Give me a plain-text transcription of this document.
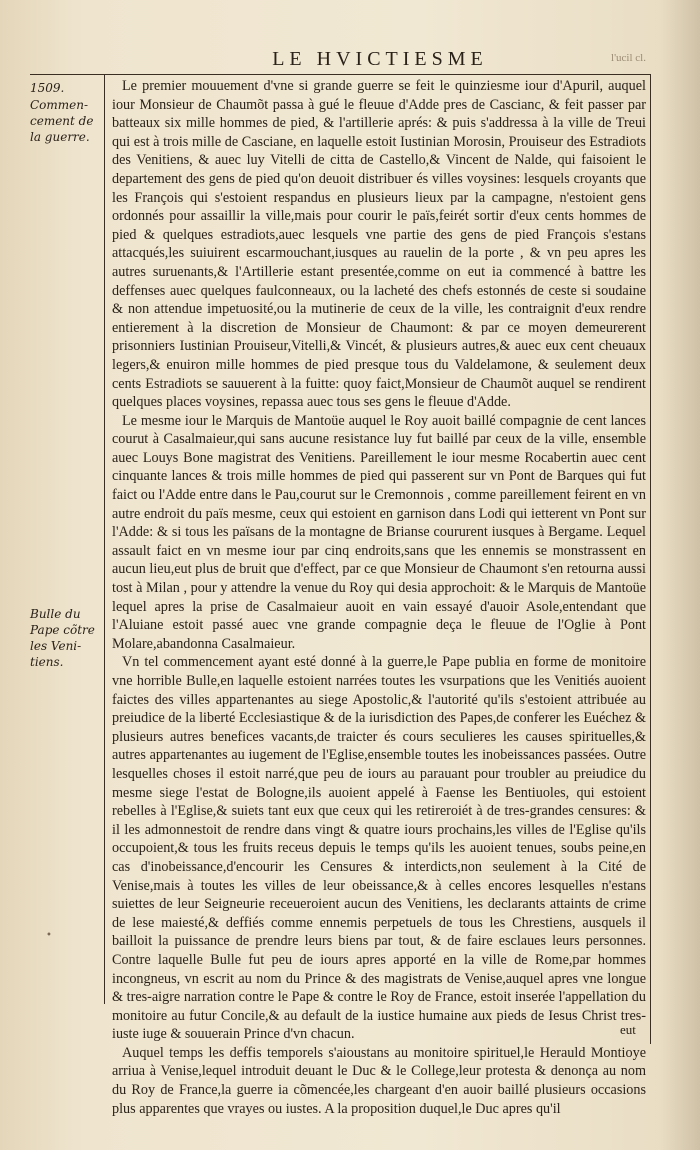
LE HVICTIESME	l'ucil cl.
1509.
Commen-cement de la guerre.
Bulle du Pape cõtre les Veni-tiens.
•

Le premier mouuement d'vne si grande guerre se feit le quinziesme iour d'Apuril, auquel iour Monsieur de Chaumõt passa à gué le fleuue d'Adde pres de Cascianc, & feit passer par batteaux six mille hommes de pied, & l'artillerie aprés: & puis s'addressa à la ville de Treui qui est à trois mille de Casciane, en laquelle estoit Iustinian Morosin, Prouiseur des Estradiots des Venitiens, & auec luy Vitelli de citta de Castello,& Vincent de Nalde, qui faisoient le departement des gens de pied qu'on deuoit distribuer és villes voysines: lesquels croyants que les François qui s'estoient respandus en plusieurs lieux par la campagne, n'estoient gens ordonnés pour assaillir la ville,mais pour courir le païs,feirét sortir d'eux cents hommes de pied & quelques estradiots,auec lesquels vne partie des gens de pied François s'estans attacqués,les suiuirent escarmouchant,iusques au rauelin de la porte , & vn peu apres les autres suruenants,& l'Artillerie estant presentée,comme on eut ia commencé à battre les deffenses auec quelques faulconneaux, ou la lacheté des chefs estonnés de ceste si soudaine & non attendue impetuosité,ou la mutinerie de ceux de la ville, les contraignit d'eux rendre entierement à la discretion de Monsieur de Chaumont: & par ce moyen demeurerent prisonniers Iustinian Prouiseur,Vitelli,& Vincét, & plusieurs autres,& auec eux cent cheuaux legers,& enuiron mille hommes de pied presque tous du Valdelamone, & seulement deux cents Estradiots se sauuerent à la fuitte: quoy faict,Monsieur de Chaumõt auquel se rendirent quelques places voysines, repassa auec tous ses gens le fleuue d'Adde.

Le mesme iour le Marquis de Mantoüe auquel le Roy auoit baillé compagnie de cent lances courut à Casalmaieur,qui sans aucune resistance luy fut baillé par ceux de la ville, ensemble auec Louys Bone magistrat des Venitiens. Pareillement le iour mesme Rocabertin auec cent cinquante lances & trois mille hommes de pied qui passerent sur vn Pont de Barques qui fut faict ou l'Adde entre dans le Pau,courut sur le Cremonnois , comme pareillement feirent en vn autre endroit du païs mesme, ceux qui estoient en garnison dans Lodi qui ietterent vn Pont sur l'Adde: & si tous les païsans de la montagne de Brianse coururent iusques à Bergame. Lequel assault faict en vn mesme iour par cinq endroits,sans que les ennemis se monstrassent en aucun lieu,eut plus de bruit que d'effect, par ce que Monsieur de Chaumont s'en retourna aussi tost à Milan , pour y attendre la venue du Roy qui desia approchoit: & le Marquis de Mantoüe lequel apres la prise de Casalmaieur auoit en vain essayé d'auoir Asole,entendant que l'Aluiane estoit passé auec vne grande compagnie deça le fleuue de l'Oglie à Pont Molare,abandonna Casalmaieur.

Vn tel commencement ayant esté donné à la guerre,le Pape publia en forme de monitoire vne horrible Bulle,en laquelle estoient narrées toutes les vsurpations que les Venitiés auoient faictes des villes appartenantes au siege Apostolic,& l'autorité qu'ils s'estoient attribuée au preiudice de la liberté Ecclesiastique & de la iurisdiction des Papes,de conferer les Euéchez & plusieurs autres benefices vacants,de traicter és cours seculieres les causes spirituelles,& autres appartenantes au iugement de l'Eglise,ensemble toutes les inobeissances passées. Outre lesquelles choses il estoit narré,que peu de iours au parauant pour troubler au preiudice du mesme siege l'estat de Bologne,ils auoient appelé à Faense les Bentiuoles, qui estoient rebelles à l'Eglise,& suiets tant eux que ceux qui les retireroiét à de tres-grandes censures: & il les admonnestoit de rendre dans vingt & quatre iours prochains,les villes de l'Eglise qu'ils occupoient,& tous les fruits receus depuis le temps qu'ils les auoient tenues, soubs peine,en cas d'inobeissance,d'encourir les Censures & interdicts,non seulement à la Cité de Venise,mais à toutes les villes de leur obeissance,& à celles encores lesquelles n'estans suiettes de leur Seigneurie receueroient aucun des Venitiens, les declarants attaints de crime de lese maiesté,& deffiés comme ennemis perpetuels de tous les Chrestiens, ausquels il bailloit la puissance de prendre leurs biens par tout, & de faire esclaues leurs personnes. Contre laquelle Bulle fut peu de iours apres apporté en la ville de Rome,par hommes incongneus, vn escrit au nom du Prince & des magistrats de Venise,auquel apres vne longue & tres-aigre narration contre le Pape & contre le Roy de France, estoit inserée l'appellation du monitoire au futur Concile,& au default de la iustice humaine aux pieds de Iesus Christ tres-iuste iuge & souuerain Prince d'vn chacun.

Auquel temps les deffis temporels s'aioustans au monitoire spirituel,le Herauld Montioye arriua à Venise,lequel introduit deuant le Duc & le College,leur protesta & denonça au nom du Roy de France,la guerre ia cõmencée,les chargeant d'en auoir baillé plusieurs occasions plus apparentes que vrayes ou iustes. A la proposition duquel,le Duc apres qu'il

eut
